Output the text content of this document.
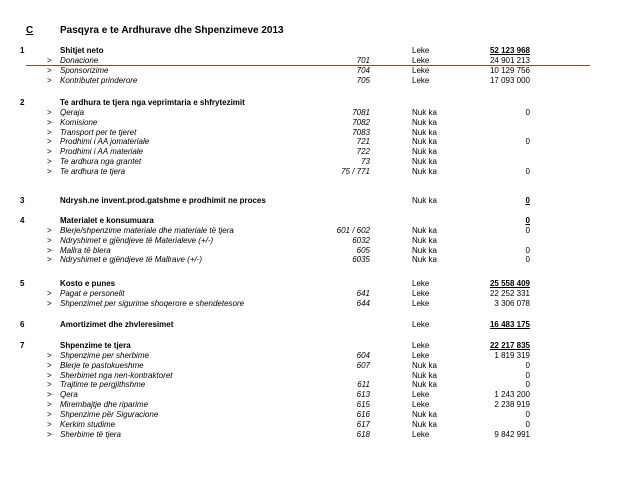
C	Pasqyra e te Ardhurave dhe Shpenzimeve 2013
1	Shitjet neto	Leke	52 123 968
> Donacione	701	Leke	24 901 213
> Sponsorizime	704	Leke	10 129 756
> Kontributet prinderore	705	Leke	17 093 000
2	Te ardhura te tjera nga veprimtaria e shfrytezimit
> Qeraja	7081	Nuk ka	0
> Komisione	7082	Nuk ka
> Transport per te tjeret	7083	Nuk ka
> Prodhimi i AA jomateriale	721	Nuk ka	0
> Prodhimi i AA materiale	722	Nuk ka
> Te ardhura nga grantet	73	Nuk ka
> Te ardhura te tjera	75 / 771	Nuk ka	0
3	Ndrysh.ne invent.prod.gatshme e prodhimit ne proces	Nuk ka	0
4	Materialet e konsumuara	0
> Blerje/shpenzime materiale dhe materiale të tjera	601 / 602	Nuk ka	0
> Ndryshimet e gjëndjeve të Materialeve (+/-)	6032	Nuk ka
> Mallra të blera	605	Nuk ka	0
> Ndryshimet e gjëndjeve të Mallrave (+/-)	6035	Nuk ka	0
5	Kosto e punes	Leke	25 558 409
> Pagat e personelit	641	Leke	22 252 331
> Shpenzimet per sigurime shoqerore e shendetesore	644	Leke	3 306 078
6	Amortizimet dhe zhvleresimet	Leke	16 483 175
7	Shpenzime te tjera	Leke	22 217 835
> Shpenzime per sherbime	604	Leke	1 819 319
> Blerje te pastokueshme	607	Nuk ka	0
> Sherbimet nga nen-kontraktoret	Nuk ka	0
> Trajtime te pergjithshme	611	Nuk ka	0
> Qera	613	Leke	1 243 200
> Mirembajtje dhe riparime	615	Leke	2 238 919
> Shpenzime për Siguracione	616	Nuk ka	0
> Kerkim studime	617	Nuk ka	0
> Sherbime të tjera	618	Leke	9 842 991
